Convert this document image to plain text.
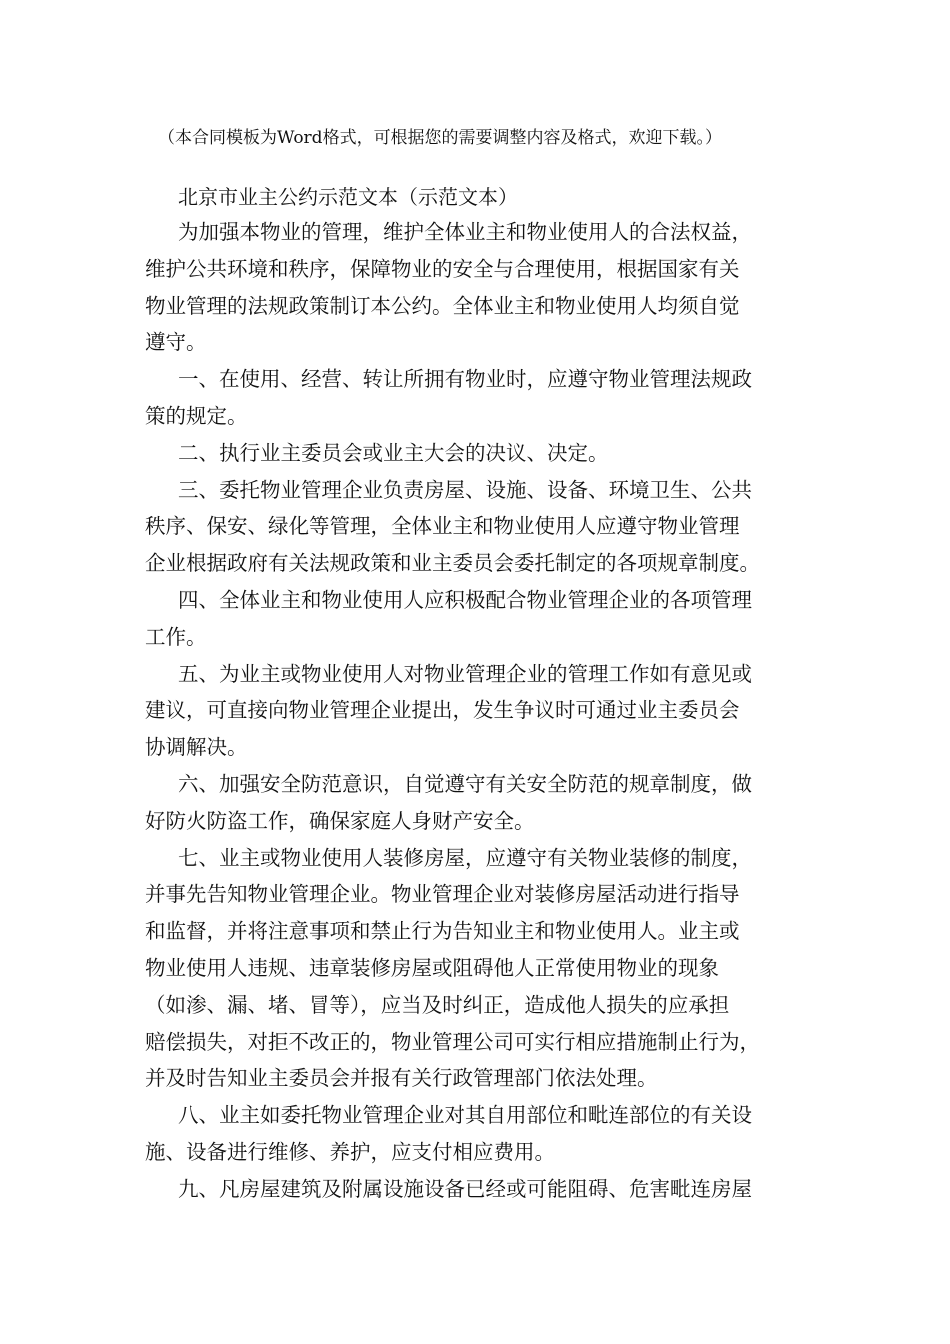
（本合同模板为Word格式，可根据您的需要调整内容及格式，欢迎下载。）
北京市业主公约示范文本（示范文本）
为加强本物业的管理，维护全体业主和物业使用人的合法权益，
维护公共环境和秩序，保障物业的安全与合理使用，根据国家有关
物业管理的法规政策制订本公约。全体业主和物业使用人均须自觉
遵守。
一、在使用、经营、转让所拥有物业时，应遵守物业管理法规政
策的规定。
二、执行业主委员会或业主大会的决议、决定。
三、委托物业管理企业负责房屋、设施、设备、环境卫生、公共
秩序、保安、绿化等管理，全体业主和物业使用人应遵守物业管理
企业根据政府有关法规政策和业主委员会委托制定的各项规章制度。
四、全体业主和物业使用人应积极配合物业管理企业的各项管理
工作。
五、为业主或物业使用人对物业管理企业的管理工作如有意见或
建议，可直接向物业管理企业提出，发生争议时可通过业主委员会
协调解决。
六、加强安全防范意识，自觉遵守有关安全防范的规章制度，做
好防火防盗工作，确保家庭人身财产安全。
七、业主或物业使用人装修房屋，应遵守有关物业装修的制度，
并事先告知物业管理企业。物业管理企业对装修房屋活动进行指导
和监督，并将注意事项和禁止行为告知业主和物业使用人。业主或
物业使用人违规、违章装修房屋或阻碍他人正常使用物业的现象
（如渗、漏、堵、冒等），应当及时纠正，造成他人损失的应承担
赔偿损失，对拒不改正的，物业管理公司可实行相应措施制止行为，
并及时告知业主委员会并报有关行政管理部门依法处理。
八、业主如委托物业管理企业对其自用部位和毗连部位的有关设
施、设备进行维修、养护，应支付相应费用。
九、凡房屋建筑及附属设施设备已经或可能阻碍、危害毗连房屋
